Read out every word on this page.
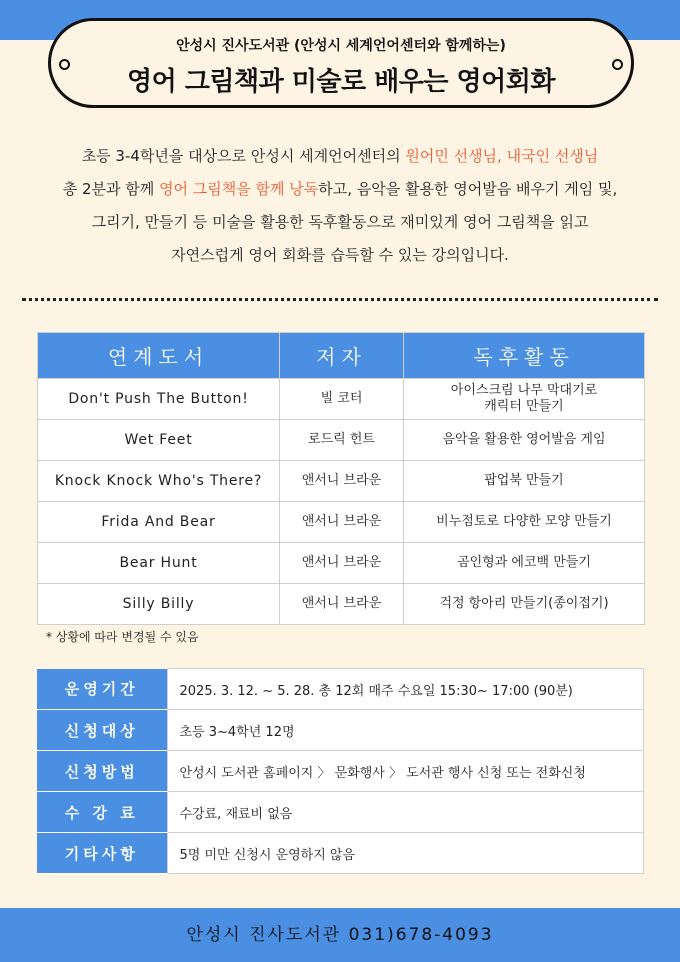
안성시 진사도서관 (안성시 세계언어센터와 함께하는)
영어 그림책과 미술로 배우는 영어회화
초등 3-4학년을 대상으로 안성시 세계언어센터의 원어민 선생님, 내국인 선생님
총 2분과 함께 영어 그림책을 함께 낭독하고, 음악을 활용한 영어발음 배우기 게임 및,
그리기, 만들기 등 미술을 활용한 독후활동으로 재미있게 영어 그림책을 읽고
자연스럽게 영어 회화를 습득할 수 있는 강의입니다.
연계도서	저자	독후활동
Don't Push The Button!	빌 코터	아이스크림 나무 막대기로
캐릭터 만들기

Wet Feet	로드릭 헌트	음악을 활용한 영어발음 게임
Knock Knock Who's There?	앤서니 브라운	팝업북 만들기
Frida And Bear	앤서니 브라운	비누점토로 다양한 모양 만들기
Bear Hunt	앤서니 브라운	곰인형과 에코백 만들기
Silly Billy	앤서니 브라운	걱정 항아리 만들기(종이접기)
* 상황에 따라 변경될 수 있음
운영기간	2025. 3. 12. ~ 5. 28. 총 12회 매주 수요일 15:30~ 17:00 (90분)
신청대상	초등 3~4학년 12명
신청방법	안성시 도서관 홈페이지 〉 문화행사 〉 도서관 행사 신청 또는 전화신청
수 강 료	수강료, 재료비 없음
기타사항	5명 미만 신청시 운영하지 않음
안성시 진사도서관 031)678-4093
